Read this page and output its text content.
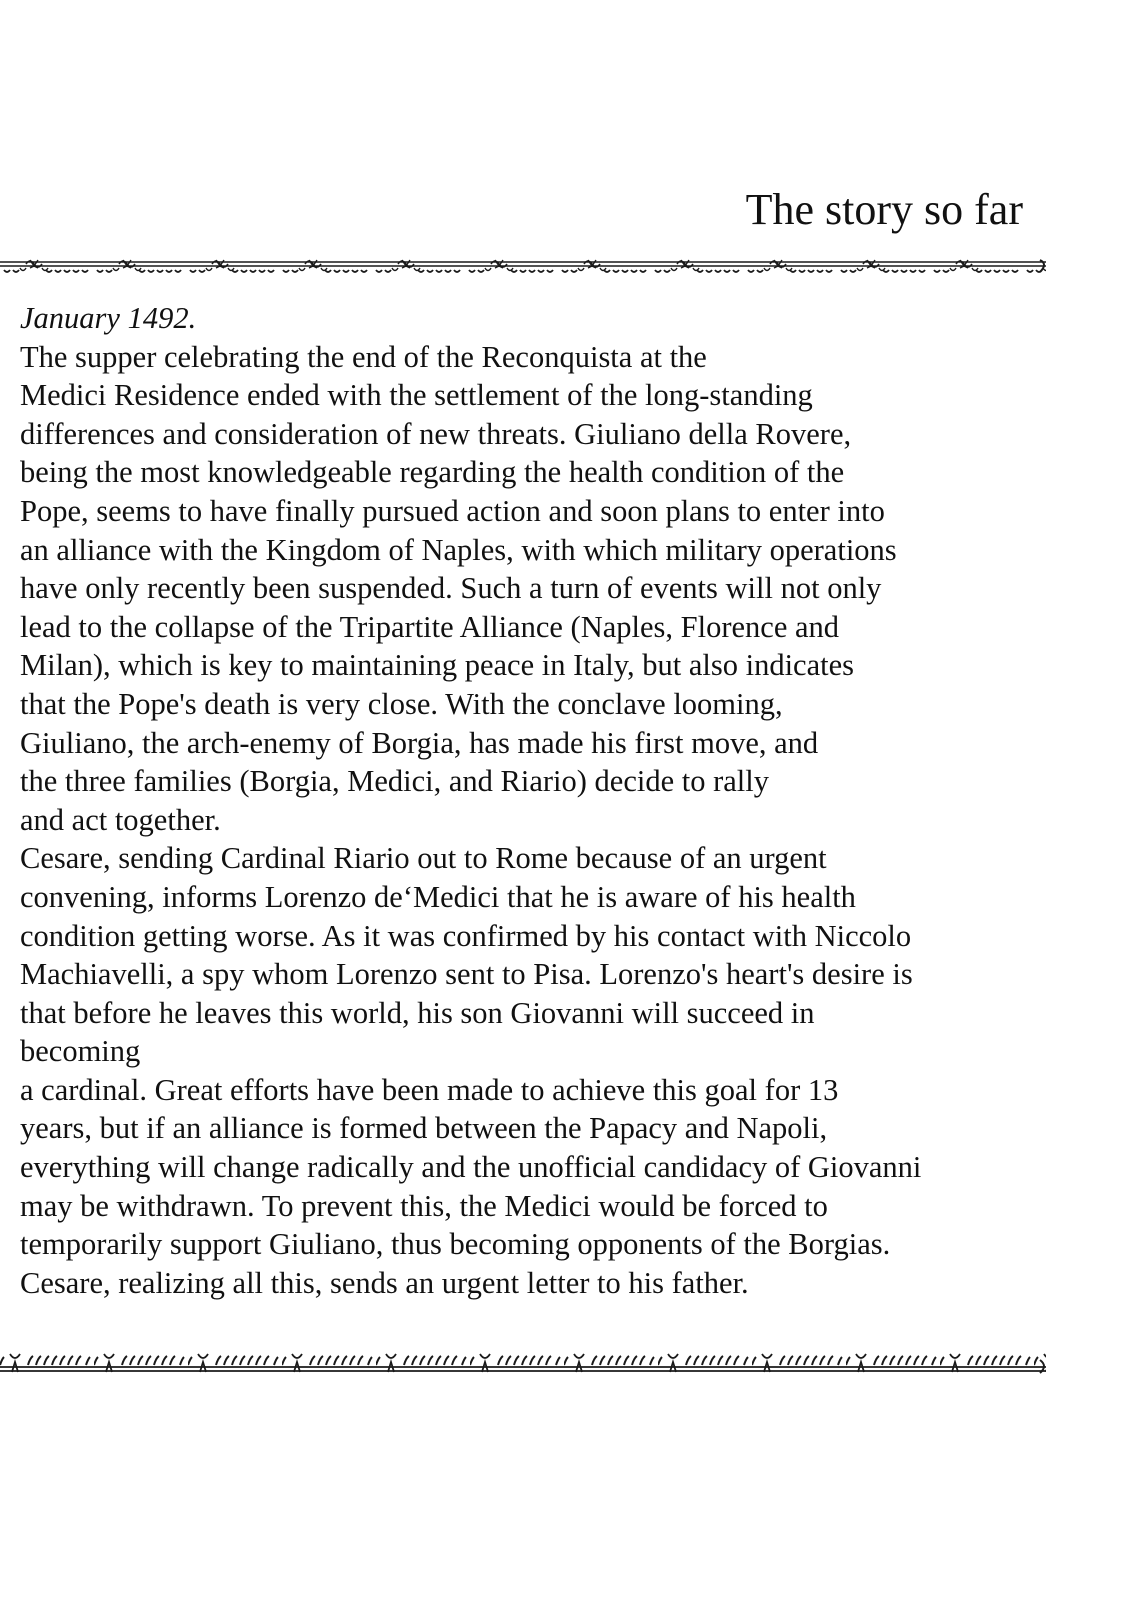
The story so far
January 1492.
The supper celebrating the end of the Reconquista at the
Medici Residence ended with the settlement of the long-standing
differences and consideration of new threats. Giuliano della Rovere,
being the most knowledgeable regarding the health condition of the
Pope, seems to have finally pursued action and soon plans to enter into
an alliance with the Kingdom of Naples, with which military operations
have only recently been suspended. Such a turn of events will not only
lead to the collapse of the Tripartite Alliance (Naples, Florence and
Milan), which is key to maintaining peace in Italy, but also indicates
that the Pope's death is very close. With the conclave looming,
Giuliano, the arch-enemy of Borgia, has made his first move, and
the three families (Borgia, Medici, and Riario) decide to rally
and act together.
Cesare, sending Cardinal Riario out to Rome because of an urgent
convening, informs Lorenzo de‘Medici that he is aware of his health
condition getting worse. As it was confirmed by his contact with Niccolo
Machiavelli, a spy whom Lorenzo sent to Pisa. Lorenzo's heart's desire is
that before he leaves this world, his son Giovanni will succeed in
becoming
a cardinal. Great efforts have been made to achieve this goal for 13
years, but if an alliance is formed between the Papacy and Napoli,
everything will change radically and the unofficial candidacy of Giovanni
may be withdrawn. To prevent this, the Medici would be forced to
temporarily support Giuliano, thus becoming opponents of the Borgias.
Cesare, realizing all this, sends an urgent letter to his father.
